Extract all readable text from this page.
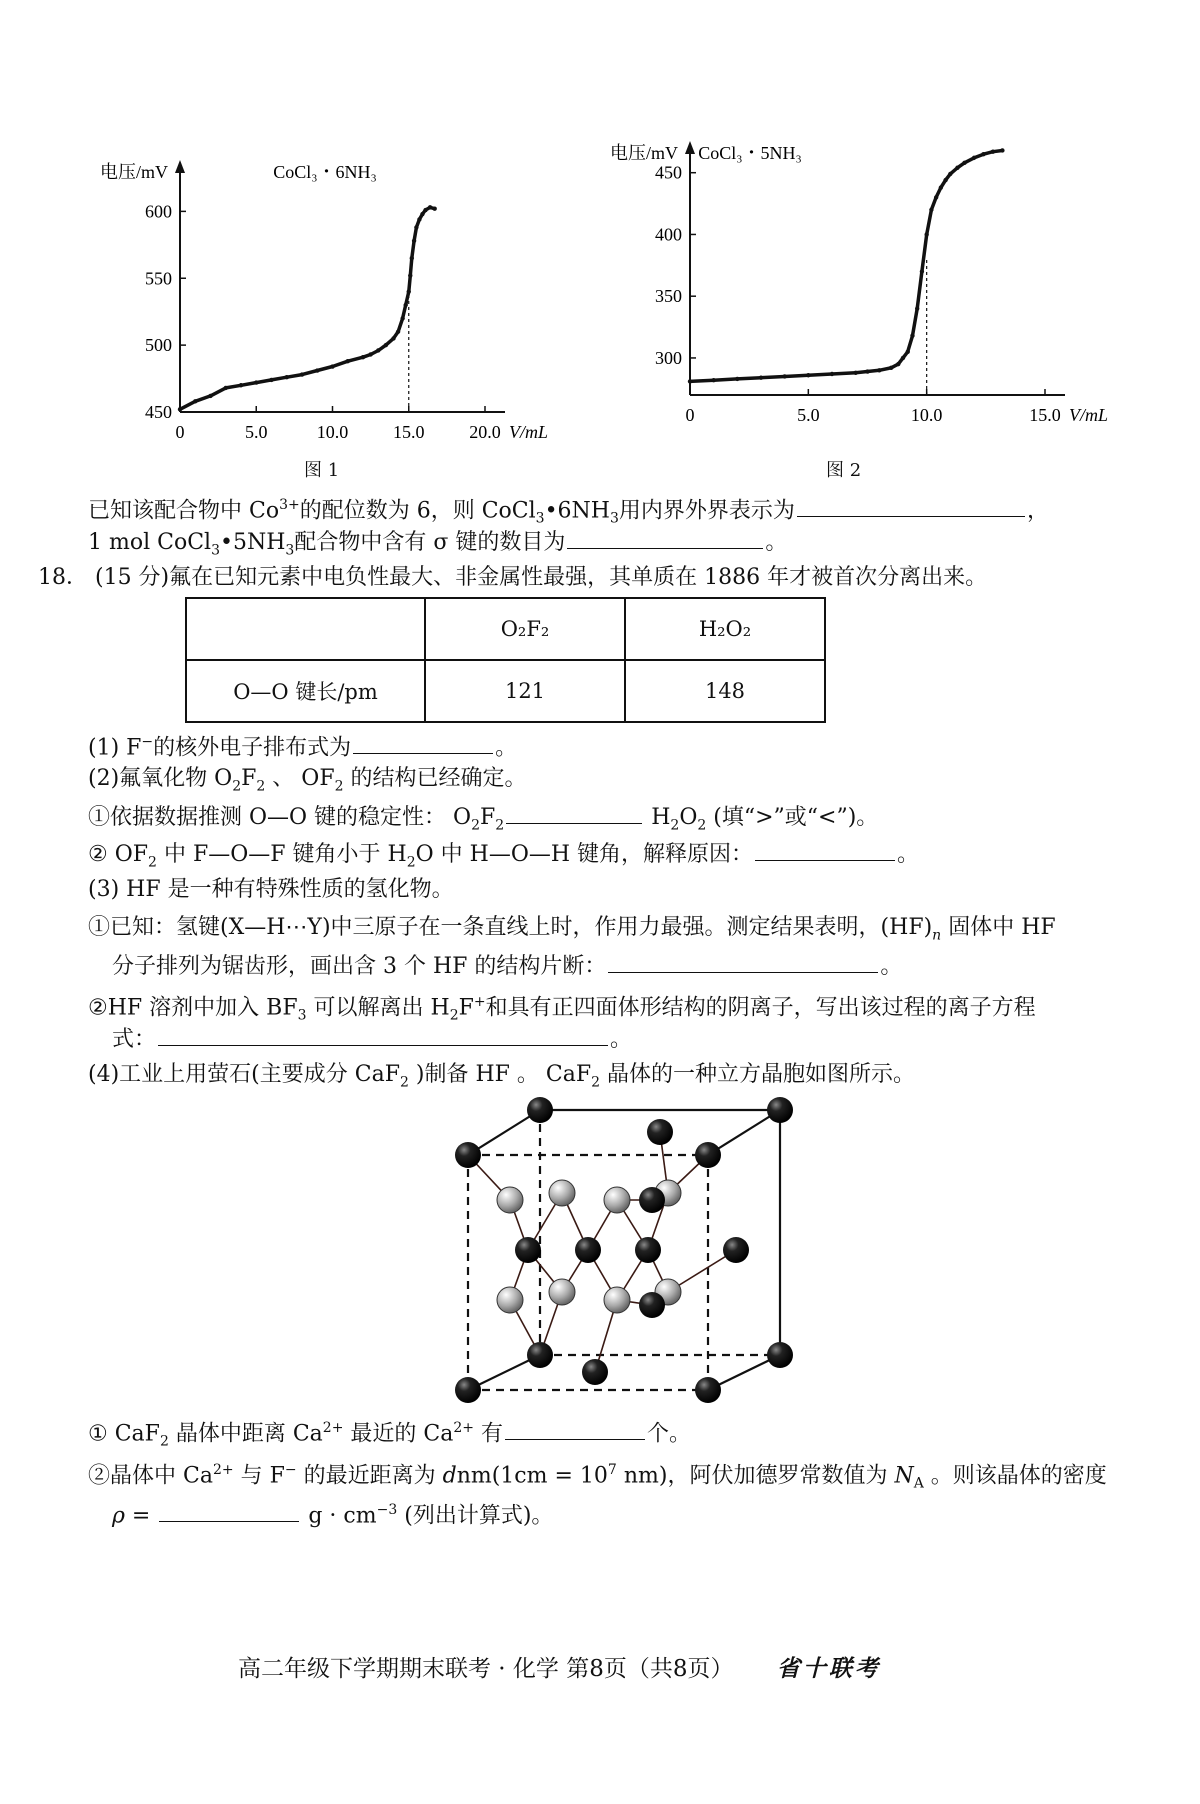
0	5.0	10.0 15.0 20.0
450
500
550
600
电压/mV
V/mL
CoCl₃・6NH₃
0	5.0	10.0	15.0
300
350
400
450
电压/mV
V/mL
CoCl₃・5NH₃
图 1	图 2
已知该配合物中 $Co^{3+}$的配位数为 6，则 $CoCl_3•6NH_3$用内界外界表示为	，
1 mol $CoCl_3•5NH_3$配合物中含有 σ 键的数目为	。
18． (15 分)氟在已知元素中电负性最大、非金属性最强，其单质在 1886 年才被首次分离出来。
	O₂F₂	H₂O₂
O—O 键长/pm	121	148
(1) F−的核外电子排布式为	。
(2)氟氧化物 $O_2F_2$ 、 $OF_2$ 的结构已经确定。
①依据数据推测 O—O 键的稳定性： $O_2F_2$	$H_2O_2$ (填“>”或“<”)。
② $OF_2$ 中 F—O—F 键角小于 $H_2O$ 中 H—O—H 键角，解释原因：	。
(3) HF 是一种有特殊性质的氢化物。
①已知：氢键(X—H⋯Y)中三原子在一条直线上时，作用力最强。测定结果表明，$(HF)_n$ 固体中 HF
分子排列为锯齿形，画出含 3 个 HF 的结构片断：	。
②HF 溶剂中加入 $BF_3$ 可以解离出 $H_2F^+$和具有正四面体形结构的阴离子，写出该过程的离子方程
式：	。
(4)工业上用萤石(主要成分 CaF$_2$ )制备 HF 。 CaF$_2$ 晶体的一种立方晶胞如图所示。
① CaF$_2$ 晶体中距离 $Ca^{2+}$ 最近的 $Ca^{2+}$ 有	个。
②晶体中 $Ca^{2+}$ 与 F− 的最近距离为 $dnm(1cm = 10^7$ nm)，阿伏加德罗常数值为 $N_A$ 。则该晶体的密度
ρ =	$g \cdot cm^{-3}$ (列出计算式)。
高二年级下学期期末联考 · 化学 第8页（共8页） 省十联考
